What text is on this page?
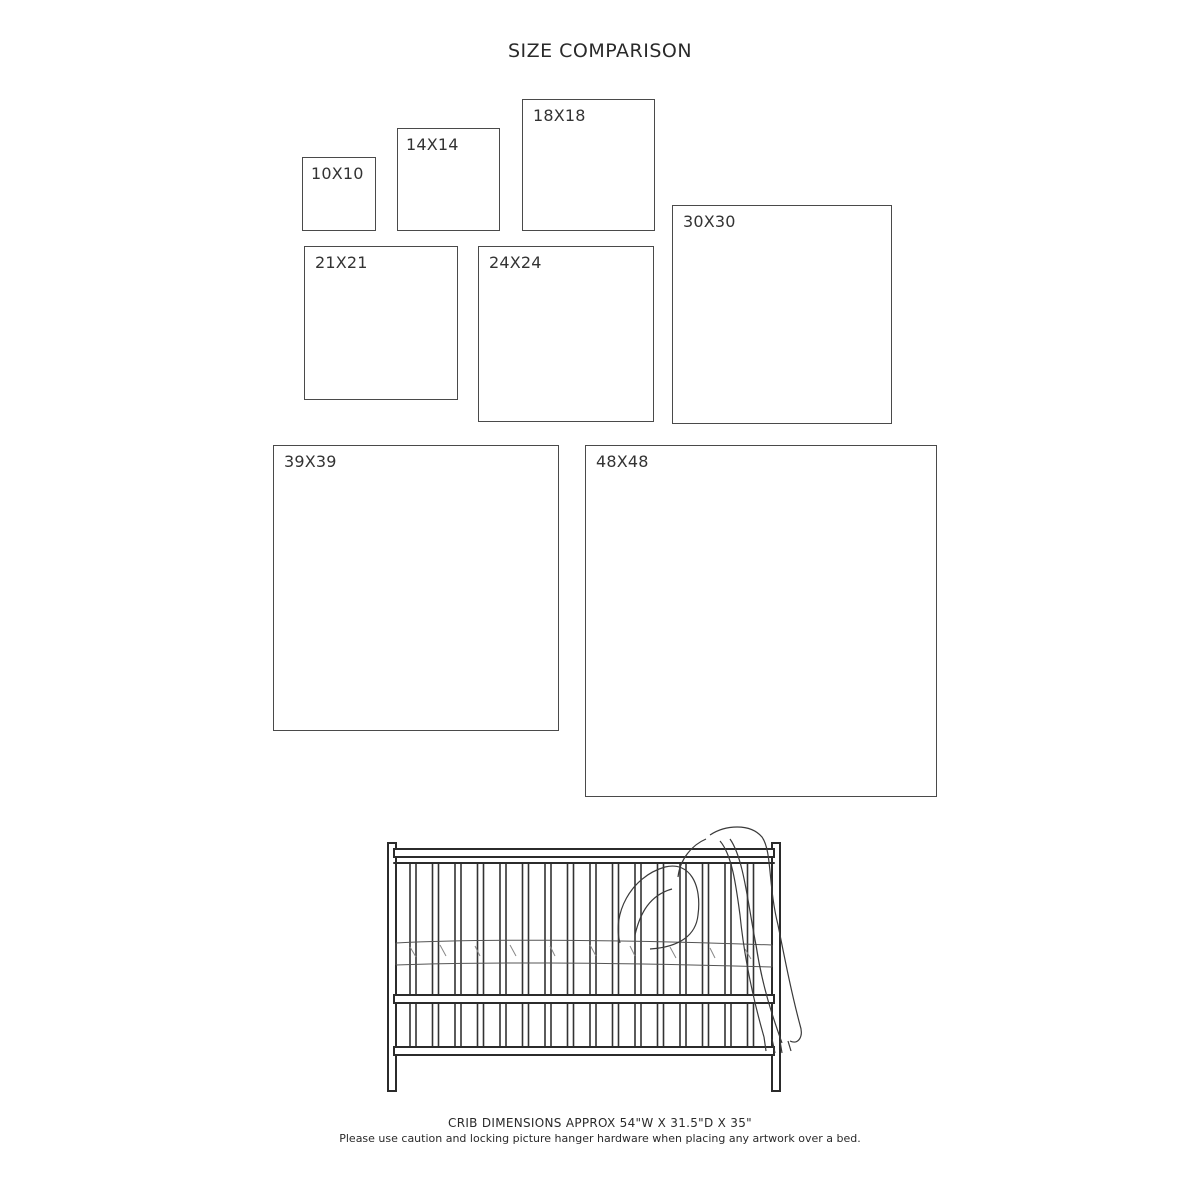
SIZE COMPARISON
10X10
14X14
18X18
21X21	24X24
30X30
39X39	48X48
CRIB DIMENSIONS APPROX 54"W X 31.5"D X 35"
Please use caution and locking picture hanger hardware when placing any artwork over a bed.
